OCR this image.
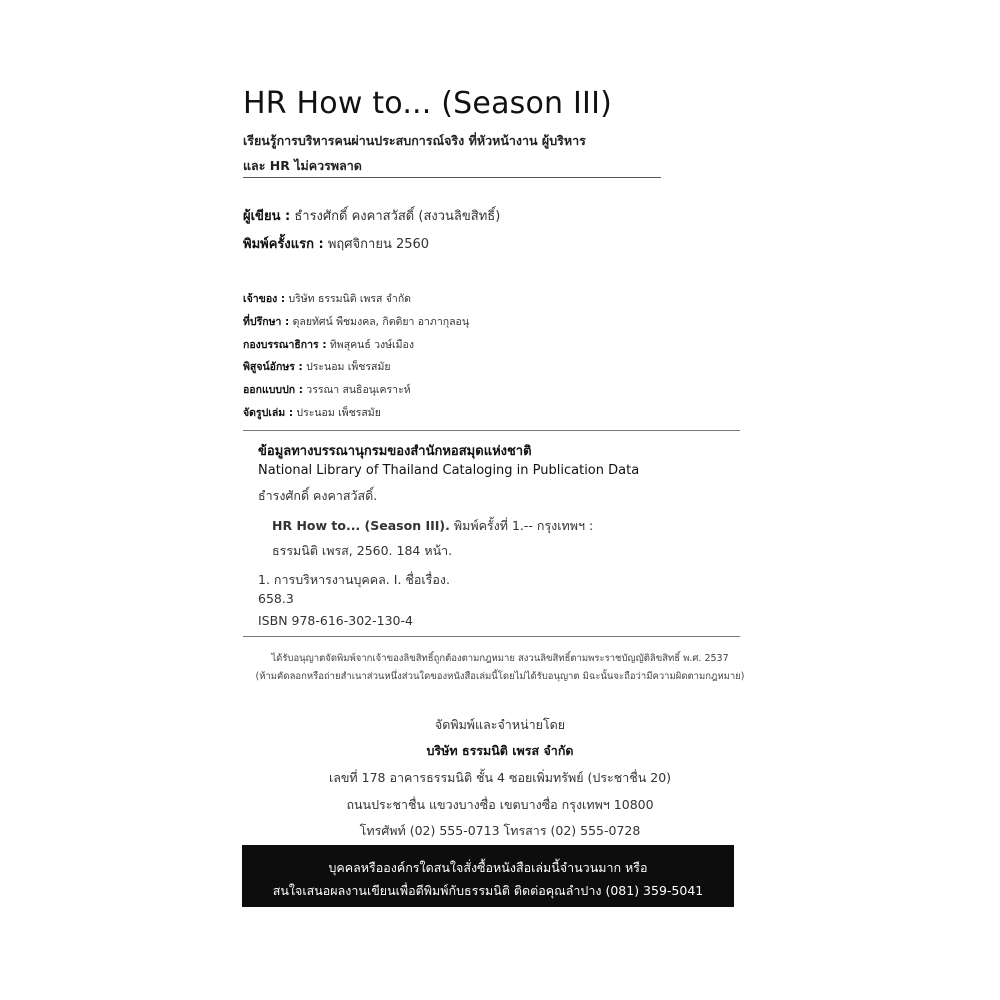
HR How to... (Season III)
เรียนรู้การบริหารคนผ่านประสบการณ์จริง ที่หัวหน้างาน ผู้บริหาร
และ HR ไม่ควรพลาด
ผู้เขียน : ธำรงศักดิ์ คงคาสวัสดิ์ (สงวนลิขสิทธิ์)
พิมพ์ครั้งแรก : พฤศจิกายน 2560
เจ้าของ : บริษัท ธรรมนิติ เพรส จำกัด
ที่ปรึกษา : ดุลยทัศน์ พืชมงคล, กิตติยา อาภากุลอนุ
กองบรรณาธิการ : ทิพสุคนธ์ วงษ์เมือง
พิสูจน์อักษร : ประนอม เพ็ชรสมัย
ออกแบบปก : วรรณา สนธิอนุเคราะห์
จัดรูปเล่ม : ประนอม เพ็ชรสมัย
ข้อมูลทางบรรณานุกรมของสำนักหอสมุดแห่งชาติ
National Library of Thailand Cataloging in Publication Data
ธำรงศักดิ์ คงคาสวัสดิ์.
HR How to... (Season III). พิมพ์ครั้งที่ 1.-- กรุงเทพฯ :
ธรรมนิติ เพรส, 2560. 184 หน้า.
1. การบริหารงานบุคคล. I. ชื่อเรื่อง.
658.3
ISBN 978-616-302-130-4
ได้รับอนุญาตจัดพิมพ์จากเจ้าของลิขสิทธิ์ถูกต้องตามกฎหมาย สงวนลิขสิทธิ์ตามพระราชบัญญัติลิขสิทธิ์ พ.ศ. 2537
(ห้ามคัดลอกหรือถ่ายสำเนาส่วนหนึ่งส่วนใดของหนังสือเล่มนี้โดยไม่ได้รับอนุญาต มิฉะนั้นจะถือว่ามีความผิดตามกฎหมาย)
จัดพิมพ์และจำหน่ายโดย
บริษัท ธรรมนิติ เพรส จำกัด
เลขที่ 178 อาคารธรรมนิติ ชั้น 4 ซอยเพิ่มทรัพย์ (ประชาชื่น 20)
ถนนประชาชื่น แขวงบางซื่อ เขตบางซื่อ กรุงเทพฯ 10800
โทรศัพท์ (02) 555-0713 โทรสาร (02) 555-0728
บุคคลหรือองค์กรใดสนใจสั่งซื้อหนังสือเล่มนี้จำนวนมาก หรือ
สนใจเสนอผลงานเขียนเพื่อตีพิมพ์กับธรรมนิติ ติดต่อคุณลำปาง (081) 359-5041
